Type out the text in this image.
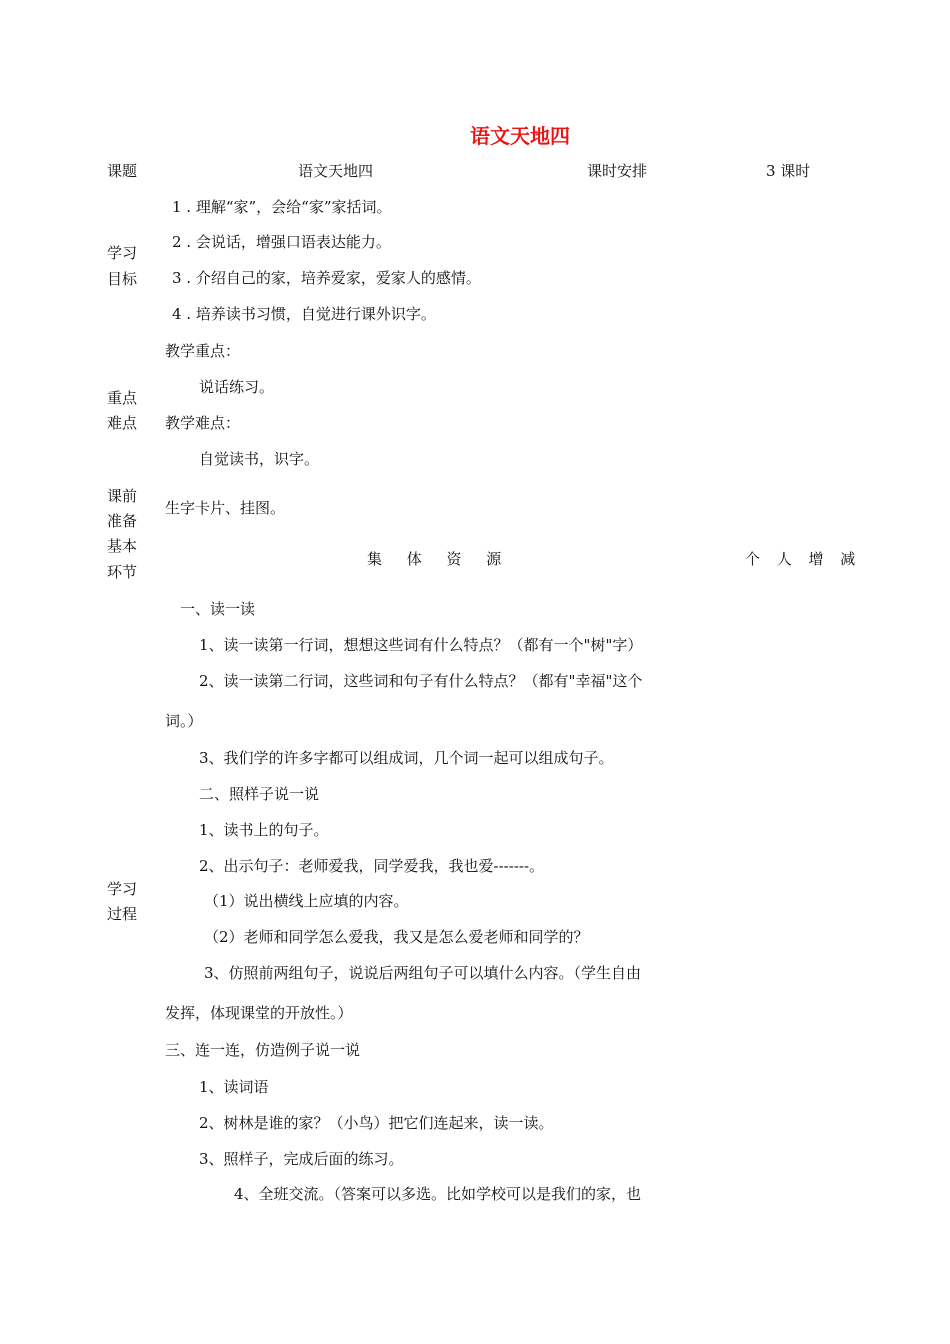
语文天地四
课题	语文天地四	课时安排	3 课时
学习
目标
1 . 理解“家”，会给“家”家括词。
2 . 会说话，增强口语表达能力。
3 . 介绍自己的家，培养爱家，爱家人的感情。
4 . 培养读书习惯，自觉进行课外识字。
重点
难点
教学重点：
说话练习。
教学难点：
自觉读书，识字。
课前
准备
生字卡片、挂图。
基本
环节
集 体 资 源	个 人 增 减
学习
过程
一、读一读
1、读一读第一行词，想想这些词有什么特点？（都有一个"树"字）
2、读一读第二行词，这些词和句子有什么特点？（都有"幸福"这个
词。）
3、我们学的许多字都可以组成词，几个词一起可以组成句子。
二、照样子说一说
1、读书上的句子。
2、出示句子：老师爱我，同学爱我，我也爱-------。
（1）说出横线上应填的内容。
（2）老师和同学怎么爱我，我又是怎么爱老师和同学的？
3、仿照前两组句子，说说后两组句子可以填什么内容。（学生自由
发挥，体现课堂的开放性。）
三、连一连，仿造例子说一说
1、读词语
2、树林是谁的家？（小鸟）把它们连起来，读一读。
3、照样子，完成后面的练习。
4、全班交流。（答案可以多选。比如学校可以是我们的家，也
